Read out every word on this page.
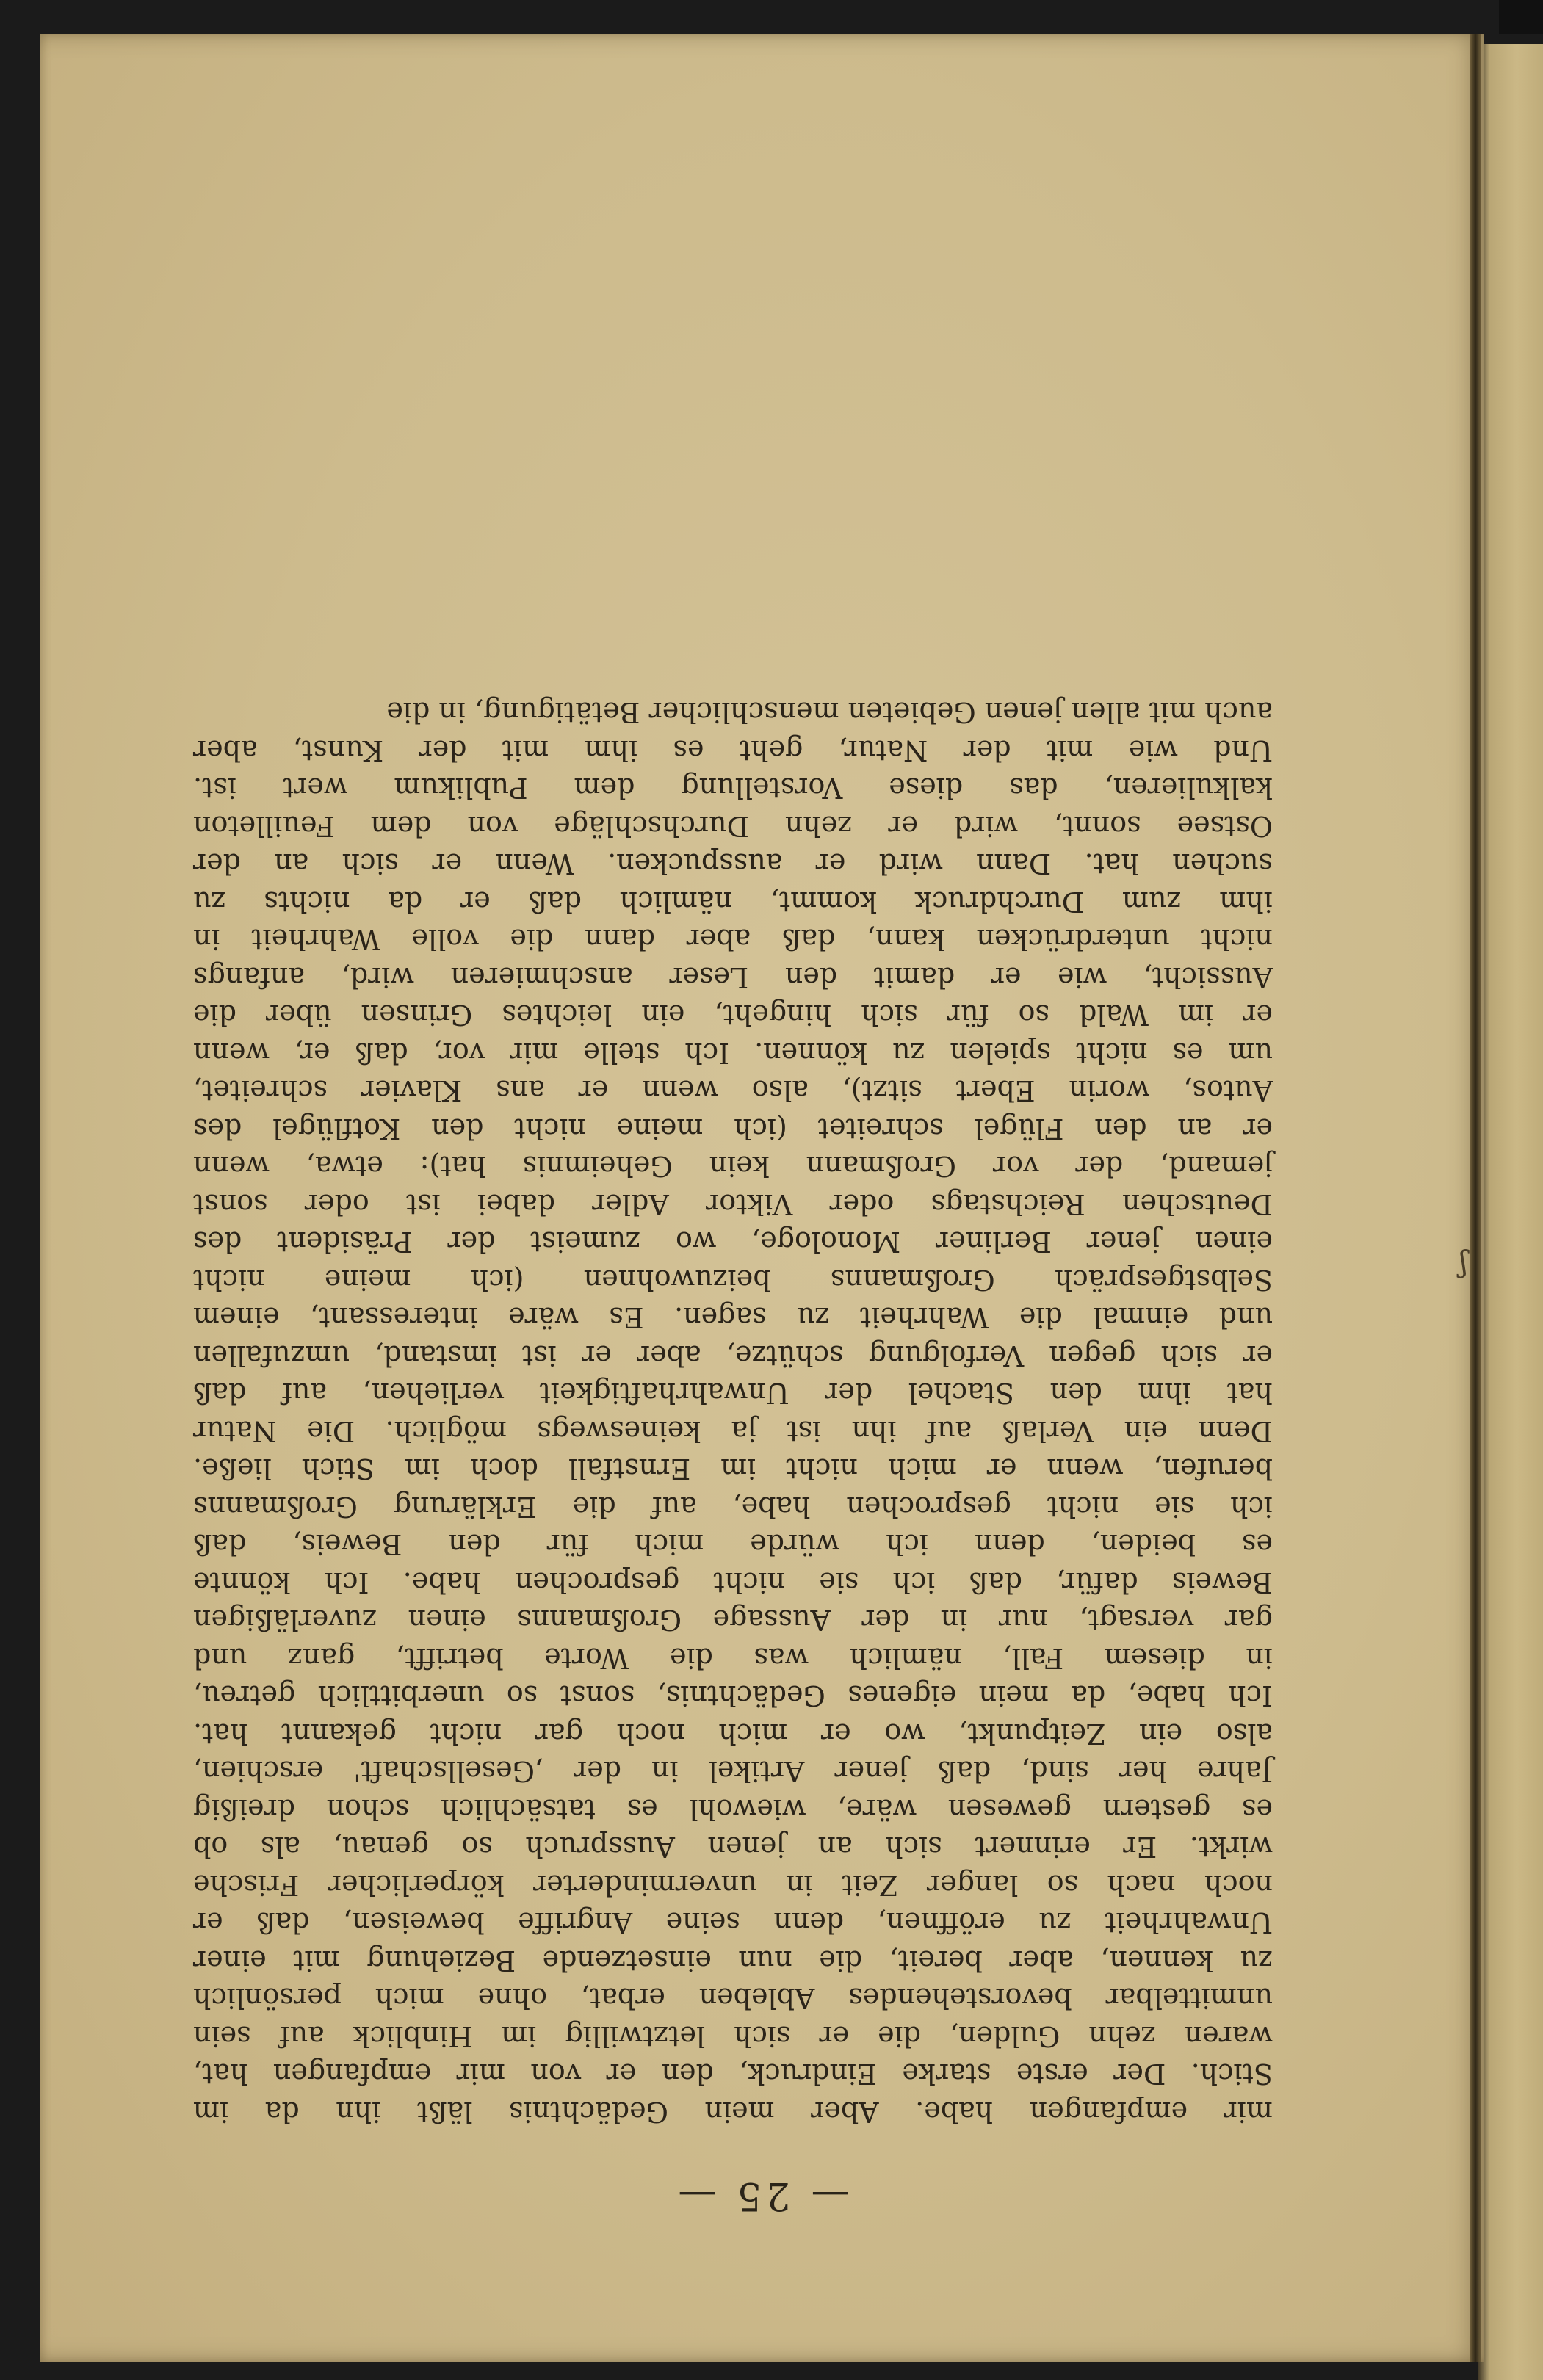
— 25 —
mir empfangen habe. Aber mein Gedächtnis läßt ihn da im
Stich. Der erste starke Eindruck, den er von mir empfangen hat,
waren zehn Gulden, die er sich letztwillig im Hinblick auf sein
unmittelbar bevorstehendes Ableben erbat, ohne mich persönlich
zu kennen, aber bereit, die nun einsetzende Beziehung mit einer
Unwahrheit zu eröffnen, denn seine Angriffe beweisen, daß er
noch nach so langer Zeit in unverminderter körperlicher Frische
wirkt. Er erinnert sich an jenen Ausspruch so genau, als ob
es gestern gewesen wäre, wiewohl es tatsächlich schon dreißig
Jahre her sind, daß jener Artikel in der ‚Gesellschaft' erschien,
also ein Zeitpunkt, wo er mich noch gar nicht gekannt hat.
Ich habe, da mein eigenes Gedächtnis, sonst so unerbittlich getreu,
in diesem Fall, nämlich was die Worte betrifft, ganz und
gar versagt, nur in der Aussage Großmanns einen zuverläßigen
Beweis dafür, daß ich sie nicht gesprochen habe. Ich könnte
es beiden, denn ich würde mich für den Beweis, daß
ich sie nicht gesprochen habe, auf die Erklärung Großmanns
berufen, wenn er mich nicht im Ernstfall doch im Stich ließe.
Denn ein Verlaß auf ihn ist ja keineswegs möglich. Die Natur
hat ihm den Stachel der Unwahrhaftigkeit verliehen, auf daß
er sich gegen Verfolgung schütze, aber er ist imstand, umzufallen
und einmal die Wahrheit zu sagen. Es wäre interessant, einem
Selbstgespräch Großmanns beizuwohnen (ich meine nicht
einen jener Berliner Monologe, wo zumeist der Präsident des
Deutschen Reichstags oder Viktor Adler dabei ist oder sonst
jemand, der vor Großmann kein Geheimnis hat): etwa, wenn
er an den Flügel schreitet (ich meine nicht den Kotflügel des
Autos, worin Ebert sitzt), also wenn er ans Klavier schreitet,
um es nicht spielen zu können. Ich stelle mir vor, daß er, wenn
er im Wald so für sich hingeht, ein leichtes Grinsen über die
Aussicht, wie er damit den Leser anschmieren wird, anfangs
nicht unterdrücken kann, daß aber dann die volle Wahrheit in
ihm zum Durchdruck kommt, nämlich daß er da nichts zu
suchen hat. Dann wird er ausspucken. Wenn er sich an der
Ostsee sonnt, wird er zehn Durchschläge von dem Feuilleton
kalkulieren, das diese Vorstellung dem Publikum wert ist.
Und wie mit der Natur, geht es ihm mit der Kunst, aber
auch mit allen jenen Gebieten menschlicher Betätigung, in die
ʃ
